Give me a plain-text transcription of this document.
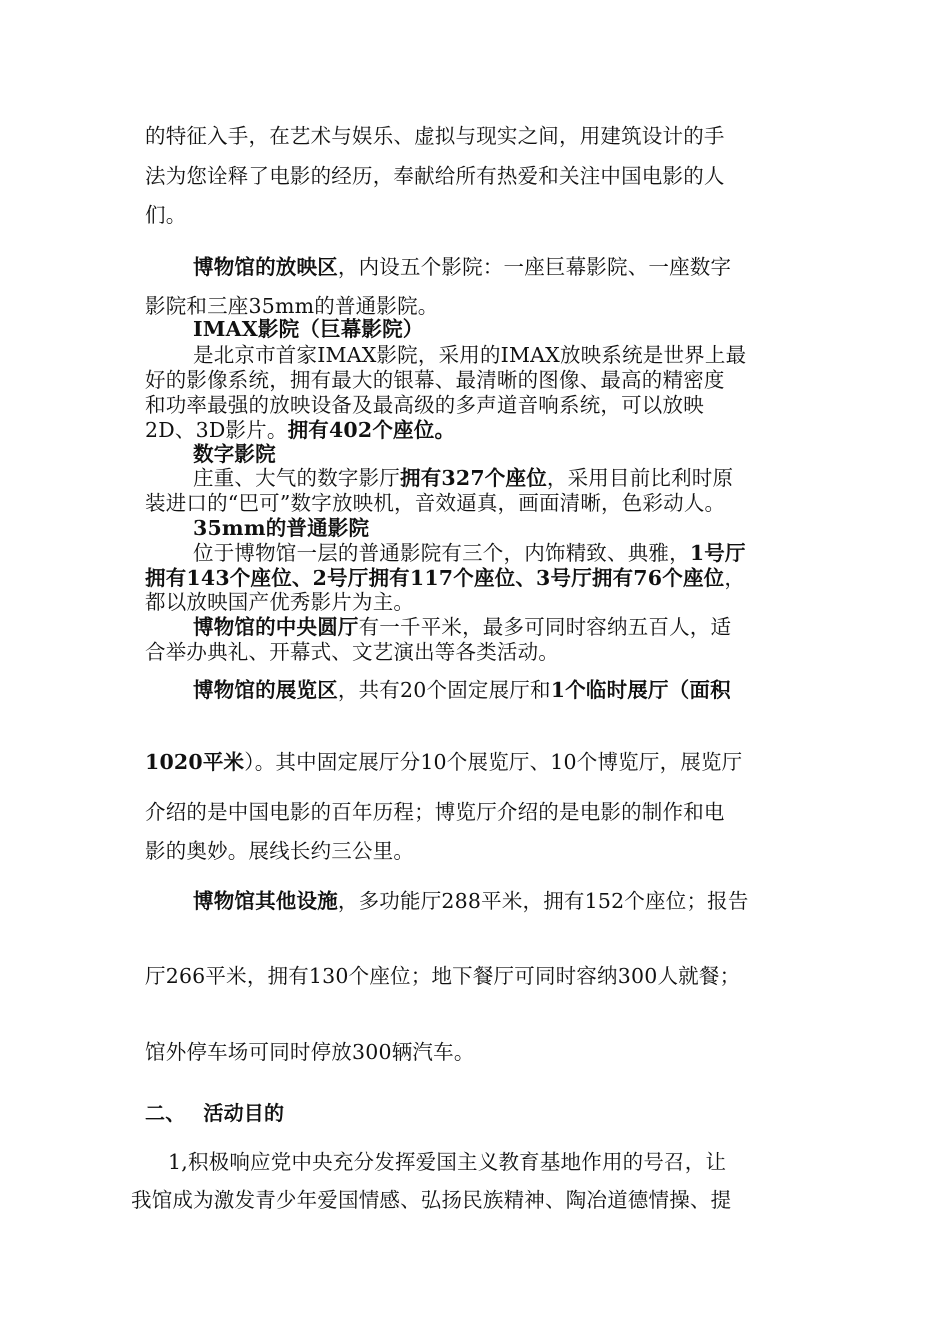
的特征入手，在艺术与娱乐、虚拟与现实之间，用建筑设计的手
法为您诠释了电影的经历，奉献给所有热爱和关注中国电影的人
们。
博物馆的放映区，内设五个影院：一座巨幕影院、一座数字
影院和三座35mm的普通影院。
IMAX影院（巨幕影院）
是北京市首家IMAX影院，采用的IMAX放映系统是世界上最
好的影像系统，拥有最大的银幕、最清晰的图像、最高的精密度
和功率最强的放映设备及最高级的多声道音响系统，可以放映
2D、3D影片。拥有402个座位。
数字影院
庄重、大气的数字影厅拥有327个座位，采用目前比利时原
装进口的“巴可”数字放映机，音效逼真，画面清晰，色彩动人。
35mm的普通影院
位于博物馆一层的普通影院有三个，内饰精致、典雅，1号厅
拥有143个座位、2号厅拥有117个座位、3号厅拥有76个座位，
都以放映国产优秀影片为主。
博物馆的中央圆厅有一千平米，最多可同时容纳五百人，适
合举办典礼、开幕式、文艺演出等各类活动。
博物馆的展览区，共有20个固定展厅和1个临时展厅（面积
1020平米）。其中固定展厅分10个展览厅、10个博览厅，展览厅
介绍的是中国电影的百年历程；博览厅介绍的是电影的制作和电
影的奥妙。展线长约三公里。
博物馆其他设施，多功能厅288平米，拥有152个座位；报告
厅266平米，拥有130个座位；地下餐厅可同时容纳300人就餐；
馆外停车场可同时停放300辆汽车。
二、 活动目的
1,积极响应党中央充分发挥爱国主义教育基地作用的号召，让
我馆成为激发青少年爱国情感、弘扬民族精神、陶冶道德情操、提
